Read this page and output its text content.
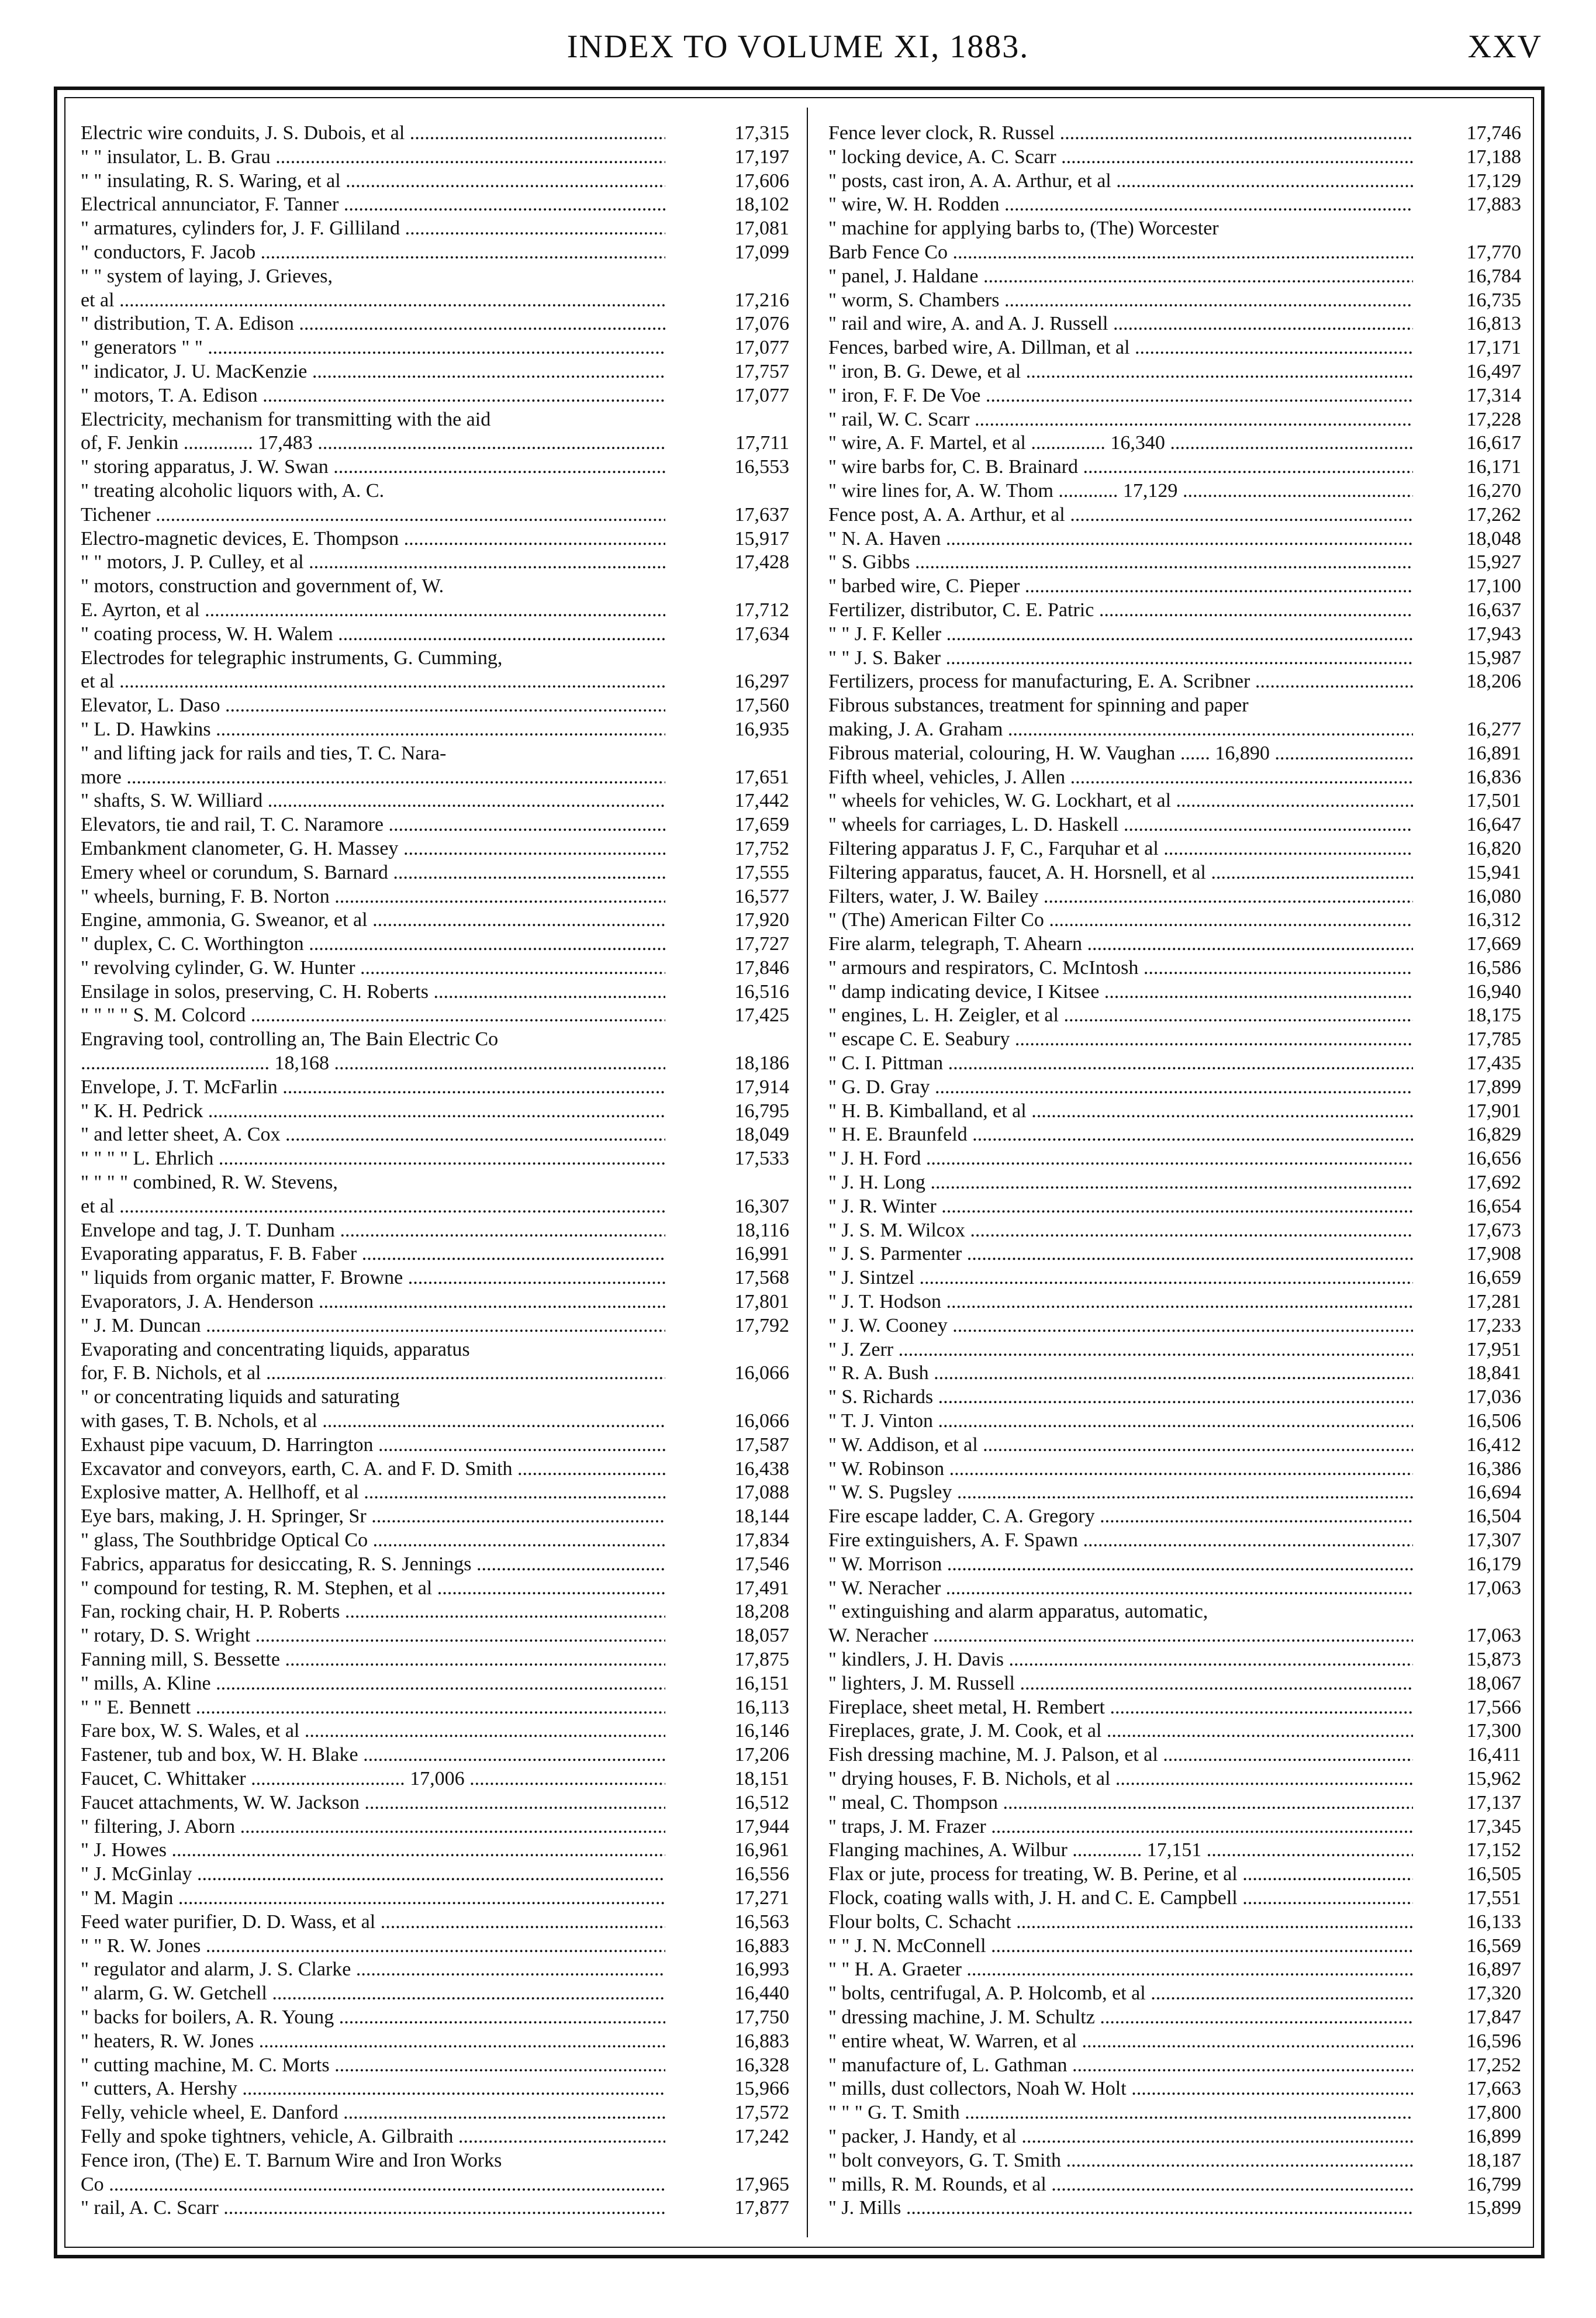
INDEX TO VOLUME XI, 1883.	XXV
Electric wire conduits, J. S. Dubois, et al .....	17,315
" " insulator, L. B. Grau .....	17,197
" " insulating, R. S. Waring, et al .....	17,606
Electrical annunciator, F. Tanner .....	18,102
" armatures, cylinders for, J. F. Gilliland .....	17,081
" conductors, F. Jacob .....	17,099
" " system of laying, J. Grieves,
et al .....	17,216
" distribution, T. A. Edison .....	17,076
" generators " " .....	17,077
" indicator, J. U. MacKenzie .....	17,757
" motors, T. A. Edison .....	17,077
Electricity, mechanism for transmitting with the aid
of, F. Jenkin .............. 17,483 .....	17,711
" storing apparatus, J. W. Swan .....	16,553
" treating alcoholic liquors with, A. C.
Tichener .....	17,637
Electro-magnetic devices, E. Thompson .....	15,917
" " motors, J. P. Culley, et al .....	17,428
" motors, construction and government of, W.
E. Ayrton, et al .....	17,712
" coating process, W. H. Walem .....	17,634
Electrodes for telegraphic instruments, G. Cumming,
et al .....	16,297
Elevator, L. Daso .....	17,560
" L. D. Hawkins .....	16,935
" and lifting jack for rails and ties, T. C. Nara-
more .....	17,651
" shafts, S. W. Williard .....	17,442
Elevators, tie and rail, T. C. Naramore .....	17,659
Embankment clanometer, G. H. Massey .....	17,752
Emery wheel or corundum, S. Barnard .....	17,555
" wheels, burning, F. B. Norton .....	16,577
Engine, ammonia, G. Sweanor, et al .....	17,920
" duplex, C. C. Worthington .....	17,727
" revolving cylinder, G. W. Hunter .....	17,846
Ensilage in solos, preserving, C. H. Roberts .....	16,516
" " " " S. M. Colcord .....	17,425
Engraving tool, controlling an, The Bain Electric Co
...................................... 18,168 .....	18,186
Envelope, J. T. McFarlin .....	17,914
" K. H. Pedrick .....	16,795
" and letter sheet, A. Cox .....	18,049
" " " " L. Ehrlich .....	17,533
" " " " combined, R. W. Stevens,
et al .....	16,307
Envelope and tag, J. T. Dunham .....	18,116
Evaporating apparatus, F. B. Faber .....	16,991
" liquids from organic matter, F. Browne .....	17,568
Evaporators, J. A. Henderson .....	17,801
" J. M. Duncan .....	17,792
Evaporating and concentrating liquids, apparatus
for, F. B. Nichols, et al .....	16,066
" or concentrating liquids and saturating
with gases, T. B. Nchols, et al .....	16,066
Exhaust pipe vacuum, D. Harrington .....	17,587
Excavator and conveyors, earth, C. A. and F. D. Smith .....	16,438
Explosive matter, A. Hellhoff, et al .....	17,088
Eye bars, making, J. H. Springer, Sr .....	18,144
" glass, The Southbridge Optical Co .....	17,834
Fabrics, apparatus for desiccating, R. S. Jennings .....	17,546
" compound for testing, R. M. Stephen, et al .....	17,491
Fan, rocking chair, H. P. Roberts .....	18,208
" rotary, D. S. Wright .....	18,057
Fanning mill, S. Bessette .....	17,875
" mills, A. Kline .....	16,151
" " E. Bennett .....	16,113
Fare box, W. S. Wales, et al .....	16,146
Fastener, tub and box, W. H. Blake .....	17,206
Faucet, C. Whittaker ............................... 17,006 .....	18,151
Faucet attachments, W. W. Jackson .....	16,512
" filtering, J. Aborn .....	17,944
" J. Howes .....	16,961
" J. McGinlay .....	16,556
" M. Magin .....	17,271
Feed water purifier, D. D. Wass, et al .....	16,563
" " R. W. Jones .....	16,883
" regulator and alarm, J. S. Clarke .....	16,993
" alarm, G. W. Getchell .....	16,440
" backs for boilers, A. R. Young .....	17,750
" heaters, R. W. Jones .....	16,883
" cutting machine, M. C. Morts .....	16,328
" cutters, A. Hershy .....	15,966
Felly, vehicle wheel, E. Danford .....	17,572
Felly and spoke tightners, vehicle, A. Gilbraith .....	17,242
Fence iron, (The) E. T. Barnum Wire and Iron Works
Co .....	17,965
" rail, A. C. Scarr .....	17,877
Fence lever clock, R. Russel .....	17,746
" locking device, A. C. Scarr .....	17,188
" posts, cast iron, A. A. Arthur, et al .....	17,129
" wire, W. H. Rodden .....	17,883
" machine for applying barbs to, (The) Worcester
Barb Fence Co .....	17,770
" panel, J. Haldane .....	16,784
" worm, S. Chambers .....	16,735
" rail and wire, A. and A. J. Russell .....	16,813
Fences, barbed wire, A. Dillman, et al .....	17,171
" iron, B. G. Dewe, et al .....	16,497
" iron, F. F. De Voe .....	17,314
" rail, W. C. Scarr .....	17,228
" wire, A. F. Martel, et al ............... 16,340 .....	16,617
" wire barbs for, C. B. Brainard .....	16,171
" wire lines for, A. W. Thom ............ 17,129 .....	16,270
Fence post, A. A. Arthur, et al .....	17,262
" N. A. Haven .....	18,048
" S. Gibbs .....	15,927
" barbed wire, C. Pieper .....	17,100
Fertilizer, distributor, C. E. Patric .....	16,637
" " J. F. Keller .....	17,943
" " J. S. Baker .....	15,987
Fertilizers, process for manufacturing, E. A. Scribner .....	18,206
Fibrous substances, treatment for spinning and paper
making, J. A. Graham .....	16,277
Fibrous material, colouring, H. W. Vaughan ...... 16,890 .....	16,891
Fifth wheel, vehicles, J. Allen .....	16,836
" wheels for vehicles, W. G. Lockhart, et al .....	17,501
" wheels for carriages, L. D. Haskell .....	16,647
Filtering apparatus J. F, C., Farquhar et al .....	16,820
Filtering apparatus, faucet, A. H. Horsnell, et al .....	15,941
Filters, water, J. W. Bailey .....	16,080
" (The) American Filter Co .....	16,312
Fire alarm, telegraph, T. Ahearn .....	17,669
" armours and respirators, C. McIntosh .....	16,586
" damp indicating device, I Kitsee .....	16,940
" engines, L. H. Zeigler, et al .....	18,175
" escape C. E. Seabury .....	17,785
" C. I. Pittman .....	17,435
" G. D. Gray .....	17,899
" H. B. Kimballand, et al .....	17,901
" H. E. Braunfeld .....	16,829
" J. H. Ford .....	16,656
" J. H. Long .....	17,692
" J. R. Winter .....	16,654
" J. S. M. Wilcox .....	17,673
" J. S. Parmenter .....	17,908
" J. Sintzel .....	16,659
" J. T. Hodson .....	17,281
" J. W. Cooney .....	17,233
" J. Zerr .....	17,951
" R. A. Bush .....	18,841
" S. Richards .....	17,036
" T. J. Vinton .....	16,506
" W. Addison, et al .....	16,412
" W. Robinson .....	16,386
" W. S. Pugsley .....	16,694
Fire escape ladder, C. A. Gregory .....	16,504
Fire extinguishers, A. F. Spawn .....	17,307
" W. Morrison .....	16,179
" W. Neracher .....	17,063
" extinguishing and alarm apparatus, automatic,
W. Neracher .....	17,063
" kindlers, J. H. Davis .....	15,873
" lighters, J. M. Russell .....	18,067
Fireplace, sheet metal, H. Rembert .....	17,566
Fireplaces, grate, J. M. Cook, et al .....	17,300
Fish dressing machine, M. J. Palson, et al .....	16,411
" drying houses, F. B. Nichols, et al .....	15,962
" meal, C. Thompson .....	17,137
" traps, J. M. Frazer .....	17,345
Flanging machines, A. Wilbur .............. 17,151 .....	17,152
Flax or jute, process for treating, W. B. Perine, et al .....	16,505
Flock, coating walls with, J. H. and C. E. Campbell .....	17,551
Flour bolts, C. Schacht .....	16,133
" " J. N. McConnell .....	16,569
" " H. A. Graeter .....	16,897
" bolts, centrifugal, A. P. Holcomb, et al .....	17,320
" dressing machine, J. M. Schultz .....	17,847
" entire wheat, W. Warren, et al .....	16,596
" manufacture of, L. Gathman .....	17,252
" mills, dust collectors, Noah W. Holt .....	17,663
" " " G. T. Smith .....	17,800
" packer, J. Handy, et al .....	16,899
" bolt conveyors, G. T. Smith .....	18,187
" mills, R. M. Rounds, et al .....	16,799
" J. Mills .....	15,899
